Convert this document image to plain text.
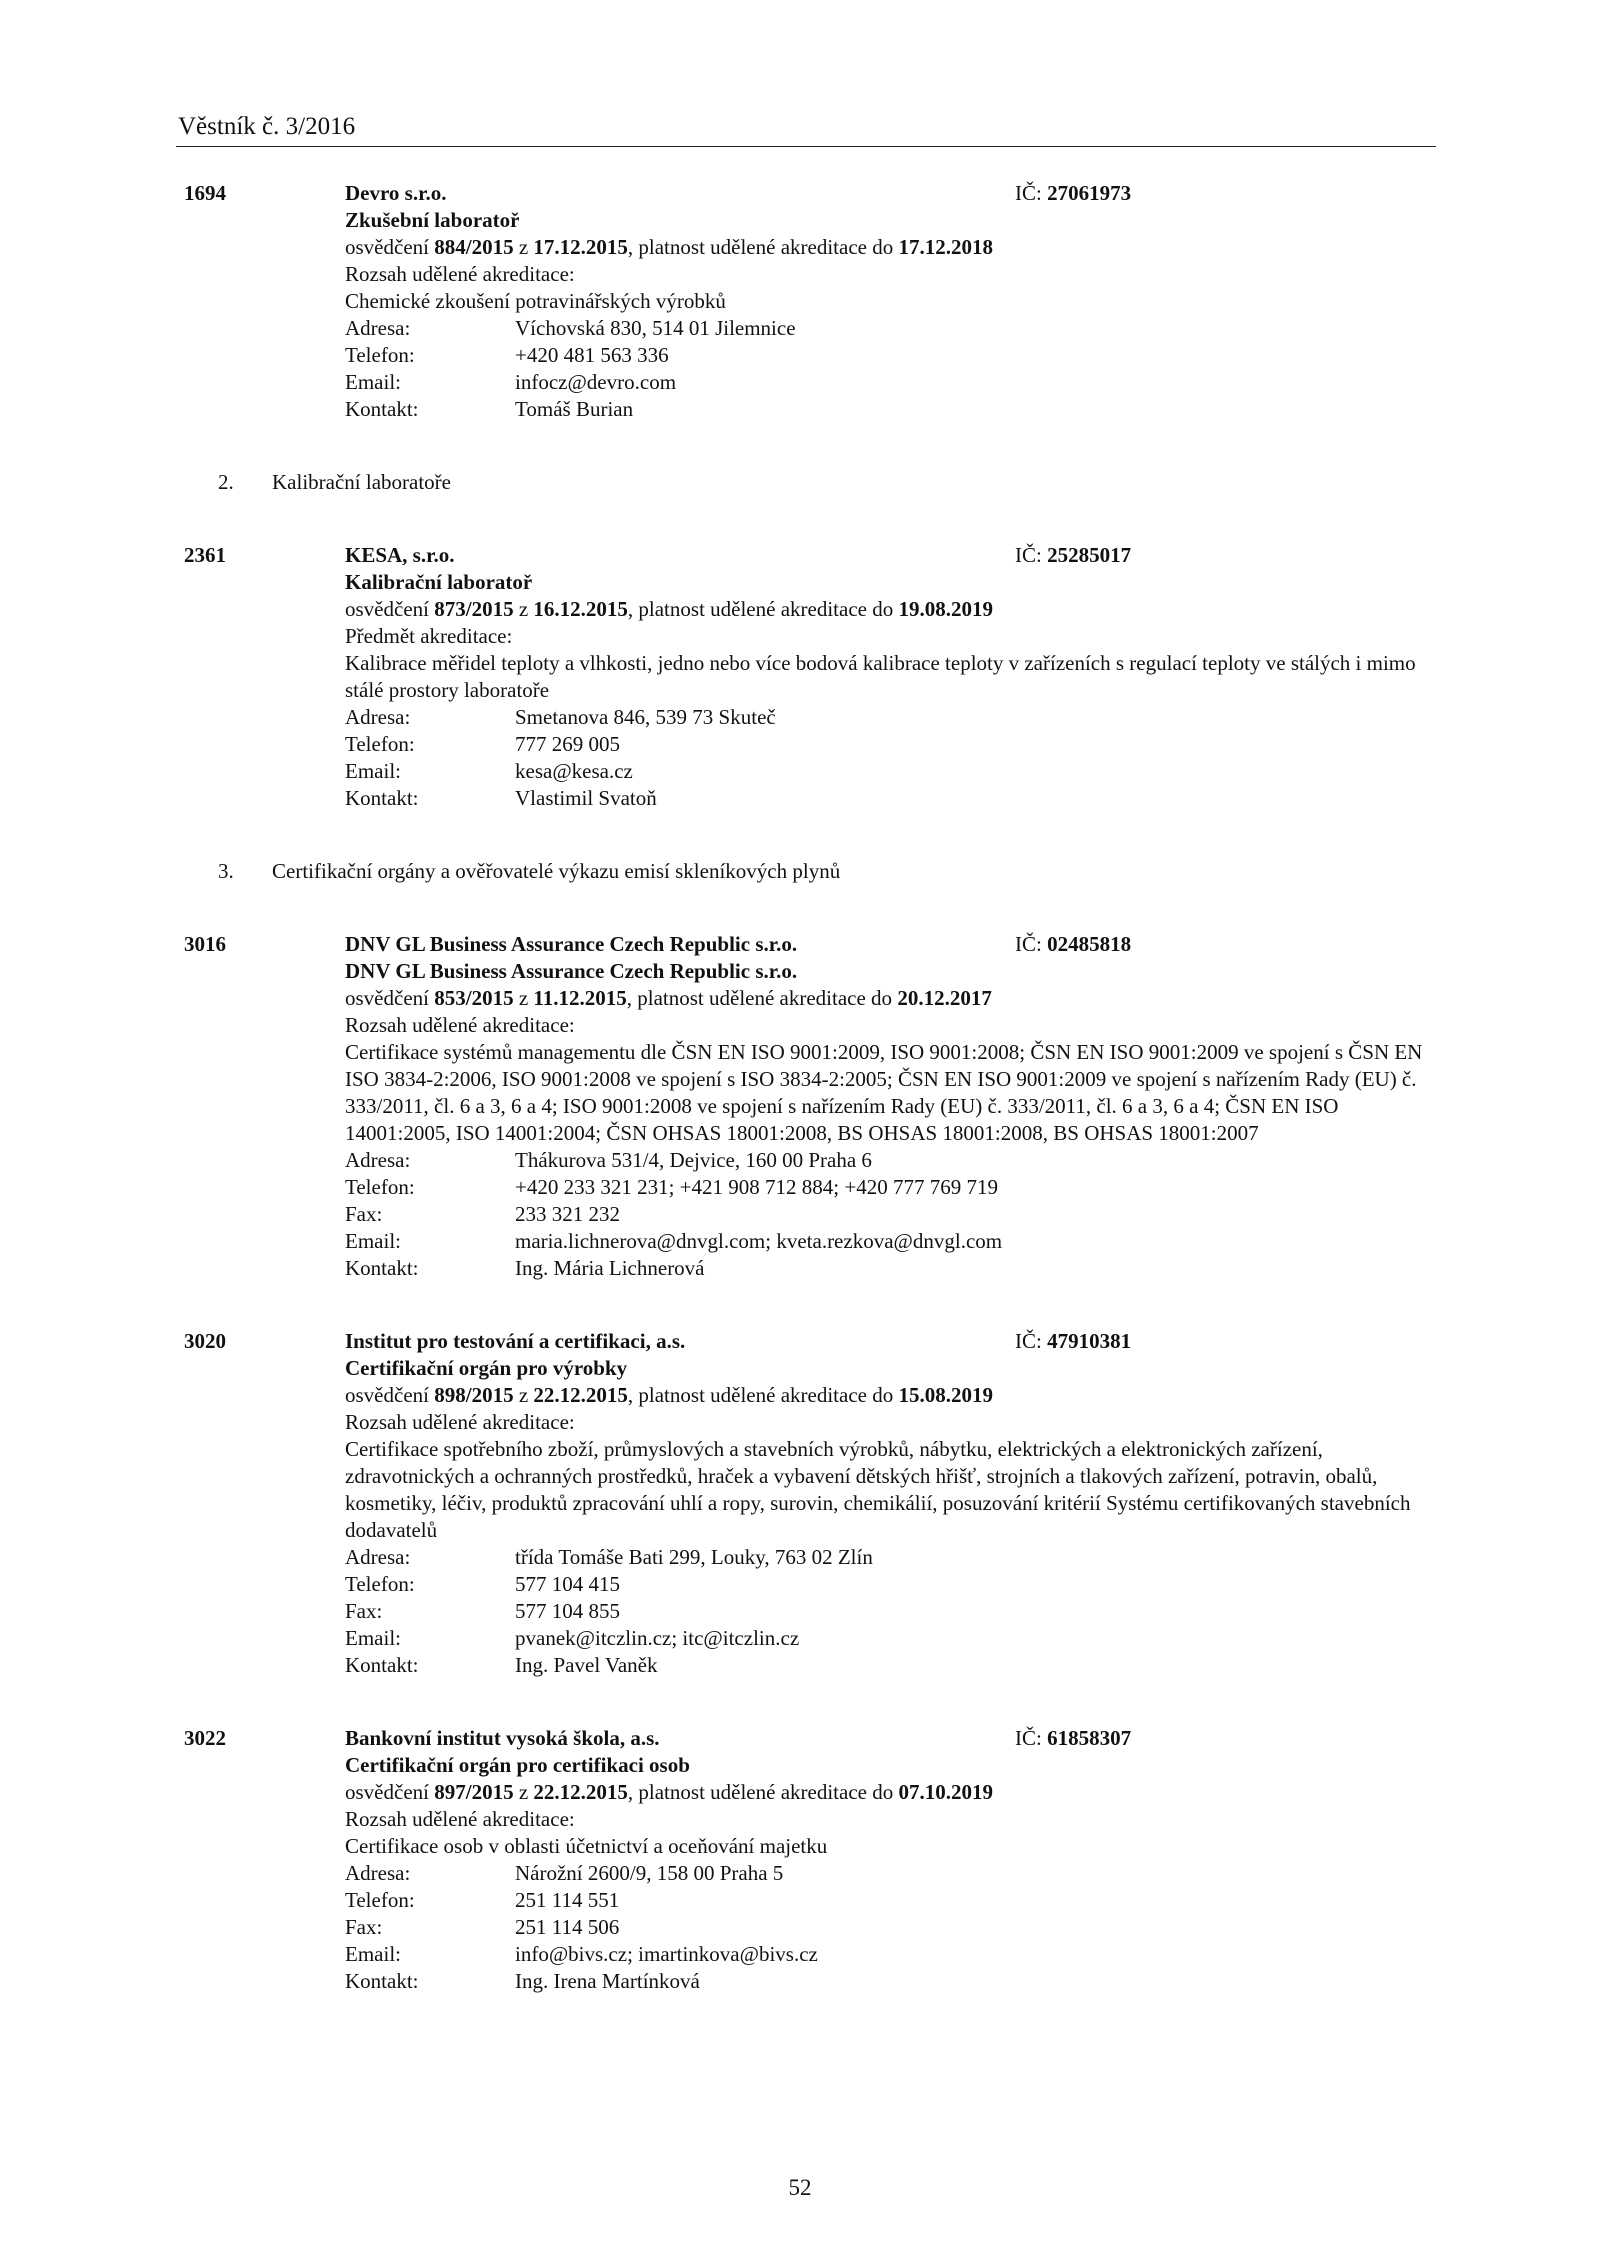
Věstník č. 3/2016
1694	Devro s.r.o.	IČ: 27061973
Zkušební laboratoř
osvědčení 884/2015 z 17.12.2015, platnost udělené akreditace do 17.12.2018
Rozsah udělené akreditace:
Chemické zkoušení potravinářských výrobků
Adresa:	Víchovská 830, 514 01 Jilemnice
Telefon:	+420 481 563 336
Email:	infocz@devro.com
Kontakt:	Tomáš Burian
2.	Kalibrační laboratoře
2361	KESA, s.r.o.	IČ: 25285017
Kalibrační laboratoř
osvědčení 873/2015 z 16.12.2015, platnost udělené akreditace do 19.08.2019
Předmět akreditace:
Kalibrace měřidel teploty a vlhkosti, jedno nebo více bodová kalibrace teploty v zařízeních s regulací teploty ve stálých i mimo stálé prostory laboratoře
Adresa:	Smetanova 846, 539 73 Skuteč
Telefon:	777 269 005
Email:	kesa@kesa.cz
Kontakt:	Vlastimil Svatoň
3.	Certifikační orgány a ověřovatelé výkazu emisí skleníkových plynů
3016	DNV GL Business Assurance Czech Republic s.r.o.	IČ: 02485818
DNV GL Business Assurance Czech Republic s.r.o.
osvědčení 853/2015 z 11.12.2015, platnost udělené akreditace do 20.12.2017
Rozsah udělené akreditace:
Certifikace systémů managementu dle ČSN EN ISO 9001:2009, ISO 9001:2008; ČSN EN ISO 9001:2009 ve spojení s ČSN EN ISO 3834-2:2006, ISO 9001:2008 ve spojení s ISO 3834-2:2005; ČSN EN ISO 9001:2009 ve spojení s nařízením Rady (EU) č. 333/2011, čl. 6 a 3, 6 a 4; ISO 9001:2008 ve spojení s nařízením Rady (EU) č. 333/2011, čl. 6 a 3, 6 a 4; ČSN EN ISO 14001:2005, ISO 14001:2004; ČSN OHSAS 18001:2008, BS OHSAS 18001:2008, BS OHSAS 18001:2007
Adresa:	Thákurova 531/4, Dejvice, 160 00 Praha 6
Telefon:	+420 233 321 231; +421 908 712 884; +420 777 769 719
Fax:	233 321 232
Email:	maria.lichnerova@dnvgl.com; kveta.rezkova@dnvgl.com
Kontakt:	Ing. Mária Lichnerová
3020	Institut pro testování a certifikaci, a.s.	IČ: 47910381
Certifikační orgán pro výrobky
osvědčení 898/2015 z 22.12.2015, platnost udělené akreditace do 15.08.2019
Rozsah udělené akreditace:
Certifikace spotřebního zboží, průmyslových a stavebních výrobků, nábytku, elektrických a elektronických zařízení, zdravotnických a ochranných prostředků, hraček a vybavení dětských hřišť, strojních a tlakových zařízení, potravin, obalů, kosmetiky, léčiv, produktů zpracování uhlí a ropy, surovin, chemikálií, posuzování kritérií Systému certifikovaných stavebních dodavatelů
Adresa:	třída Tomáše Bati 299, Louky, 763 02 Zlín
Telefon:	577 104 415
Fax:	577 104 855
Email:	pvanek@itczlin.cz; itc@itczlin.cz
Kontakt:	Ing. Pavel Vaněk
3022	Bankovní institut vysoká škola, a.s.	IČ: 61858307
Certifikační orgán pro certifikaci osob
osvědčení 897/2015 z 22.12.2015, platnost udělené akreditace do 07.10.2019
Rozsah udělené akreditace:
Certifikace osob v oblasti účetnictví a oceňování majetku
Adresa:	Nárožní 2600/9, 158 00 Praha 5
Telefon:	251 114 551
Fax:	251 114 506
Email:	info@bivs.cz; imartinkova@bivs.cz
Kontakt:	Ing. Irena Martínková
52
